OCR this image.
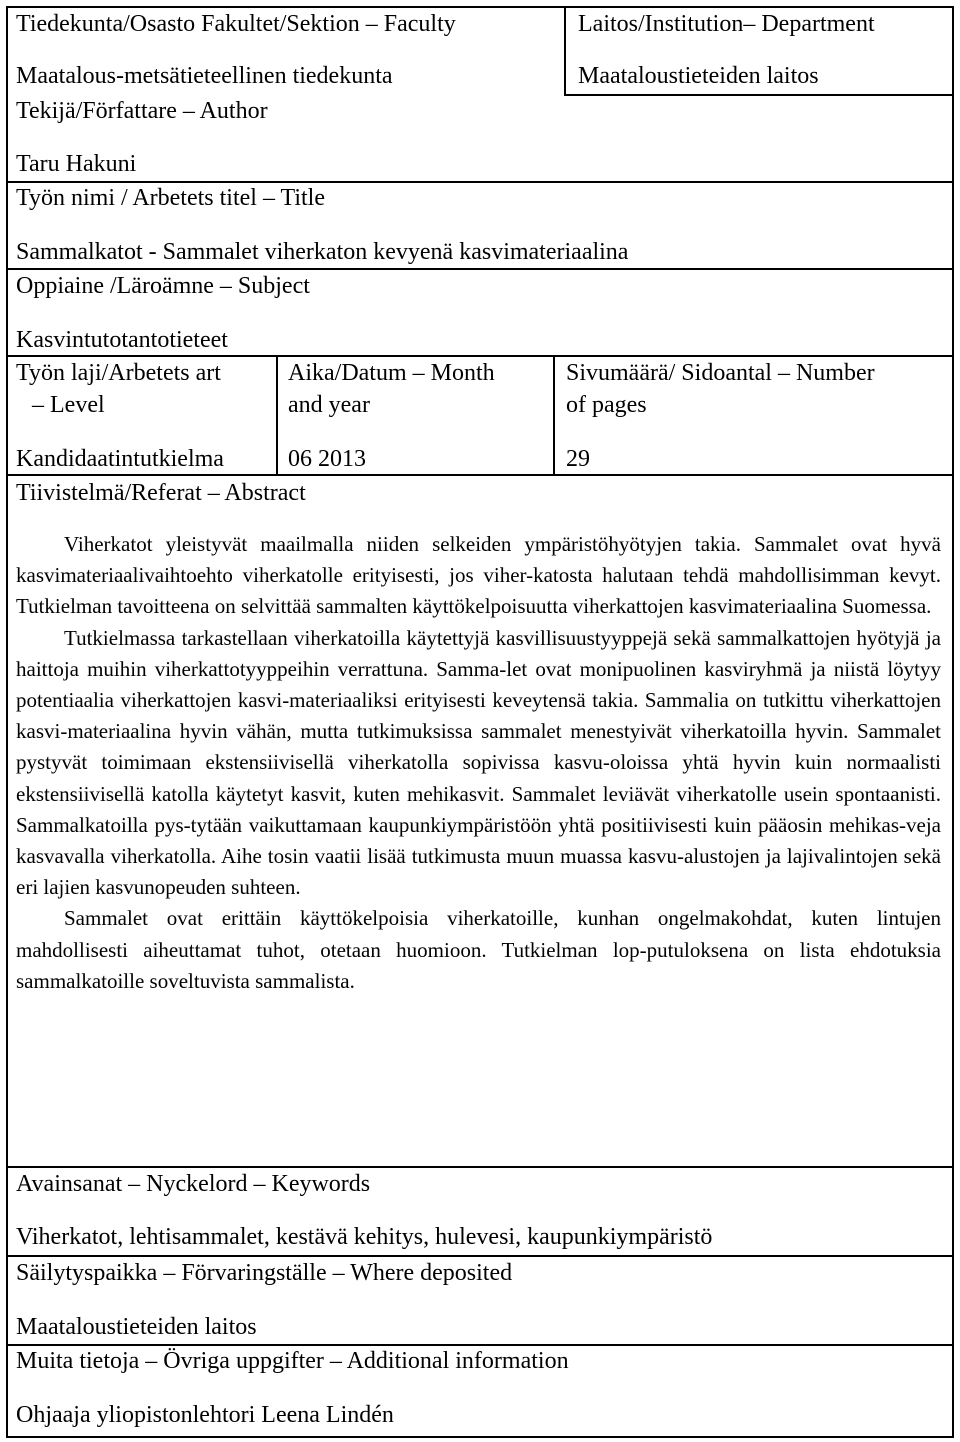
Tiedekunta/Osasto Fakultet/Sektion – Faculty
Maatalous-metsätieteellinen tiedekunta
Laitos/Institution– Department
Maataloustieteiden laitos
Tekijä/Författare – Author
Taru Hakuni
Työn nimi / Arbetets titel – Title
Sammalkatot - Sammalet viherkaton kevyenä kasvimateriaalina
Oppiaine /Läroämne – Subject
Kasvintutotantotieteet
Työn laji/Arbetets art
– Level
Kandidaatintutkielma
Aika/Datum – Month
and year
06 2013
Sivumäärä/ Sidoantal – Number
of pages
29
Tiivistelmä/Referat – Abstract

Viherkatot yleistyvät maailmalla niiden selkeiden ympäristöhyötyjen takia. Sammalet ovat hyvä kasvimateriaalivaihtoehto viherkatolle erityisesti, jos viher-katosta halutaan tehdä mahdollisimman kevyt. Tutkielman tavoitteena on selvittää sammalten käyttökelpoisuutta viherkattojen kasvimateriaalina Suomessa.

Tutkielmassa tarkastellaan viherkatoilla käytettyjä kasvillisuustyyppejä sekä sammalkattojen hyötyjä ja haittoja muihin viherkattotyyppeihin verrattuna. Samma-let ovat monipuolinen kasviryhmä ja niistä löytyy potentiaalia viherkattojen kasvi-materiaaliksi erityisesti keveytensä takia. Sammalia on tutkittu viherkattojen kasvi-materiaalina hyvin vähän, mutta tutkimuksissa sammalet menestyivät viherkatoilla hyvin. Sammalet pystyvät toimimaan ekstensiivisellä viherkatolla sopivissa kasvu-oloissa yhtä hyvin kuin normaalisti ekstensiivisellä katolla käytetyt kasvit, kuten mehikasvit. Sammalet leviävät viherkatolle usein spontaanisti. Sammalkatoilla pys-tytään vaikuttamaan kaupunkiympäristöön yhtä positiivisesti kuin pääosin mehikas-veja kasvavalla viherkatolla. Aihe tosin vaatii lisää tutkimusta muun muassa kasvu-alustojen ja lajivalintojen sekä eri lajien kasvunopeuden suhteen.

Sammalet ovat erittäin käyttökelpoisia viherkatoille, kunhan ongelmakohdat, kuten lintujen mahdollisesti aiheuttamat tuhot, otetaan huomioon. Tutkielman lop-putuloksena on lista ehdotuksia sammalkatoille soveltuvista sammalista.

Avainsanat – Nyckelord – Keywords
Viherkatot, lehtisammalet, kestävä kehitys, hulevesi, kaupunkiympäristö
Säilytyspaikka – Förvaringställe – Where deposited
Maataloustieteiden laitos
Muita tietoja – Övriga uppgifter – Additional information
Ohjaaja yliopistonlehtori Leena Lindén
